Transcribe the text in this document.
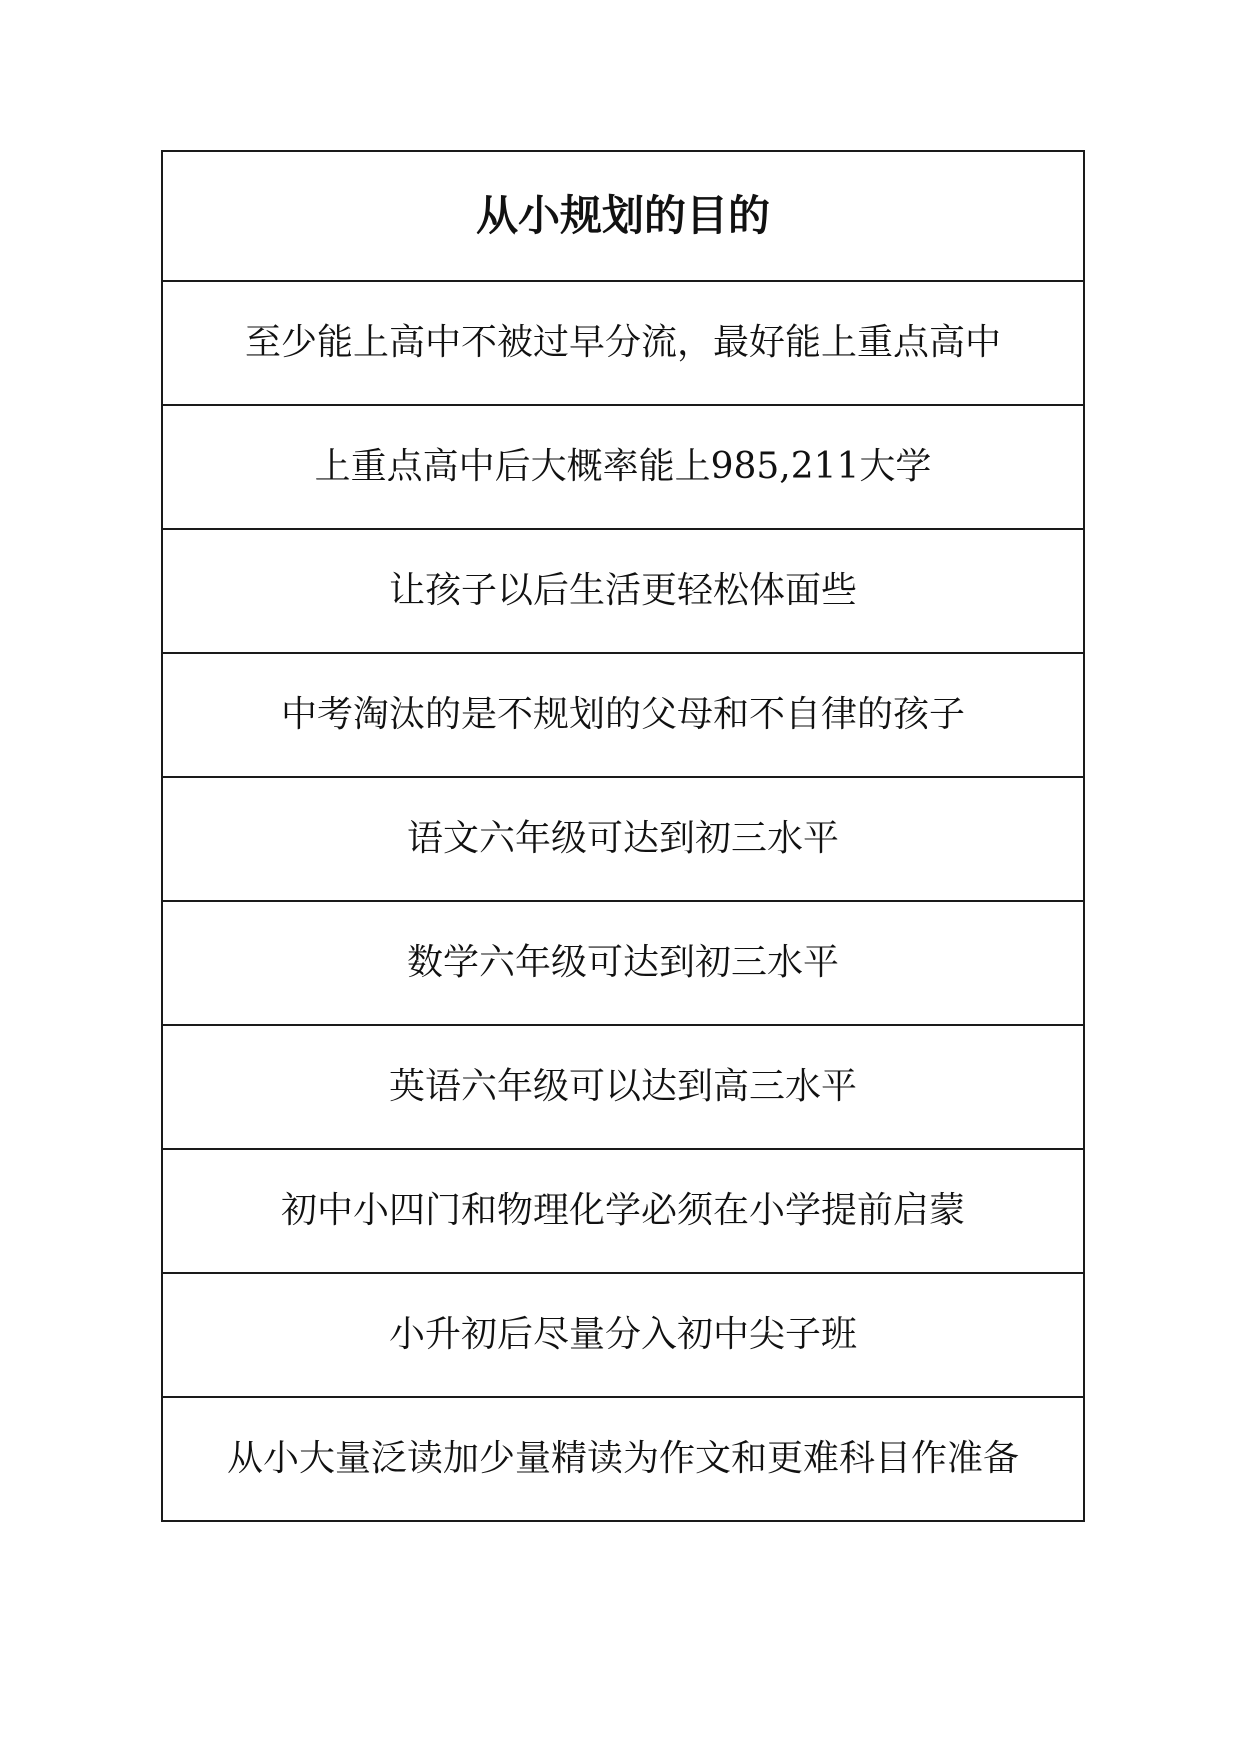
从小规划的目的
至少能上高中不被过早分流，最好能上重点高中
上重点高中后大概率能上985,211大学
让孩子以后生活更轻松体面些
中考淘汰的是不规划的父母和不自律的孩子
语文六年级可达到初三水平
数学六年级可达到初三水平
英语六年级可以达到高三水平
初中小四门和物理化学必须在小学提前启蒙
小升初后尽量分入初中尖子班
从小大量泛读加少量精读为作文和更难科目作准备
